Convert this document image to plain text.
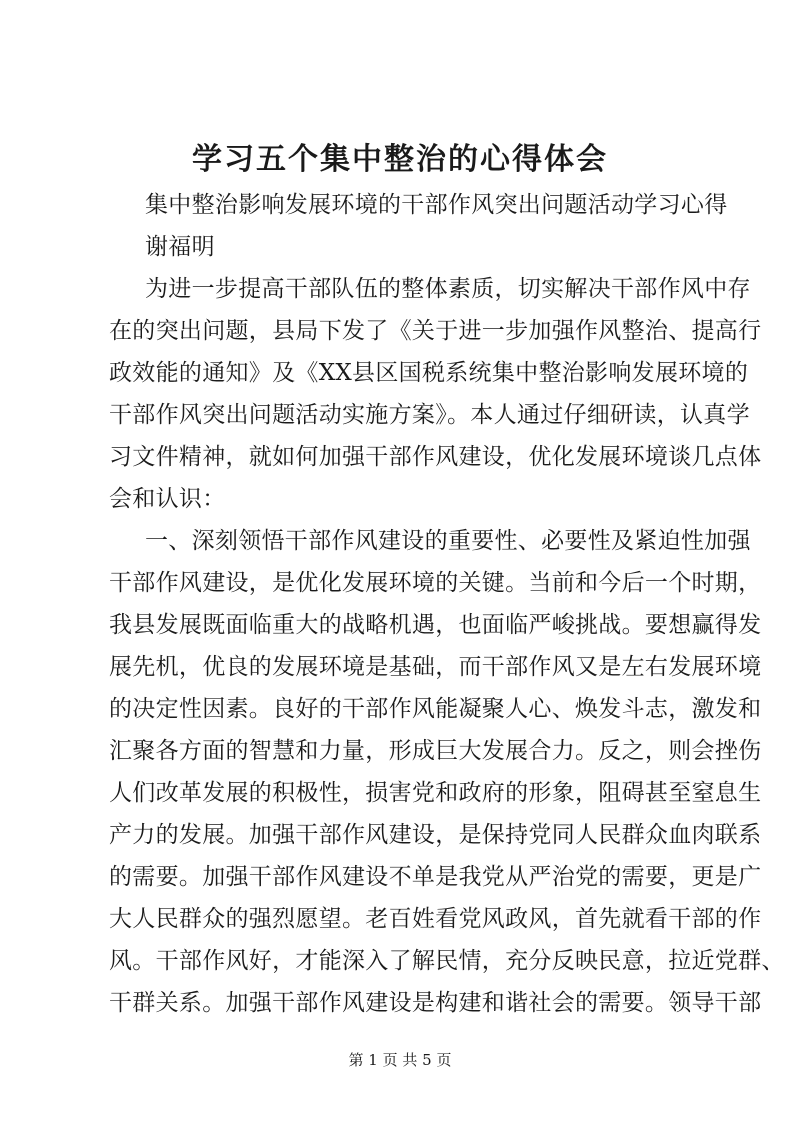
学习五个集中整治的心得体会

集中整治影响发展环境的干部作风突出问题活动学习心得

谢福明

为进一步提高干部队伍的整体素质，切实解决干部作风中存

在的突出问题，县局下发了《关于进一步加强作风整治、提高行

政效能的通知》及《XX县区国税系统集中整治影响发展环境的

干部作风突出问题活动实施方案》。本人通过仔细研读，认真学

习文件精神，就如何加强干部作风建设，优化发展环境谈几点体

会和认识：

一、深刻领悟干部作风建设的重要性、必要性及紧迫性加强

干部作风建设，是优化发展环境的关键。当前和今后一个时期，

我县发展既面临重大的战略机遇，也面临严峻挑战。要想赢得发

展先机，优良的发展环境是基础，而干部作风又是左右发展环境

的决定性因素。良好的干部作风能凝聚人心、焕发斗志，激发和

汇聚各方面的智慧和力量，形成巨大发展合力。反之，则会挫伤

人们改革发展的积极性，损害党和政府的形象，阻碍甚至窒息生

产力的发展。加强干部作风建设，是保持党同人民群众血肉联系

的需要。加强干部作风建设不单是我党从严治党的需要，更是广

大人民群众的强烈愿望。老百姓看党风政风，首先就看干部的作

风。干部作风好，才能深入了解民情，充分反映民意，拉近党群、

干群关系。加强干部作风建设是构建和谐社会的需要。领导干部

第 1 页 共 5 页
